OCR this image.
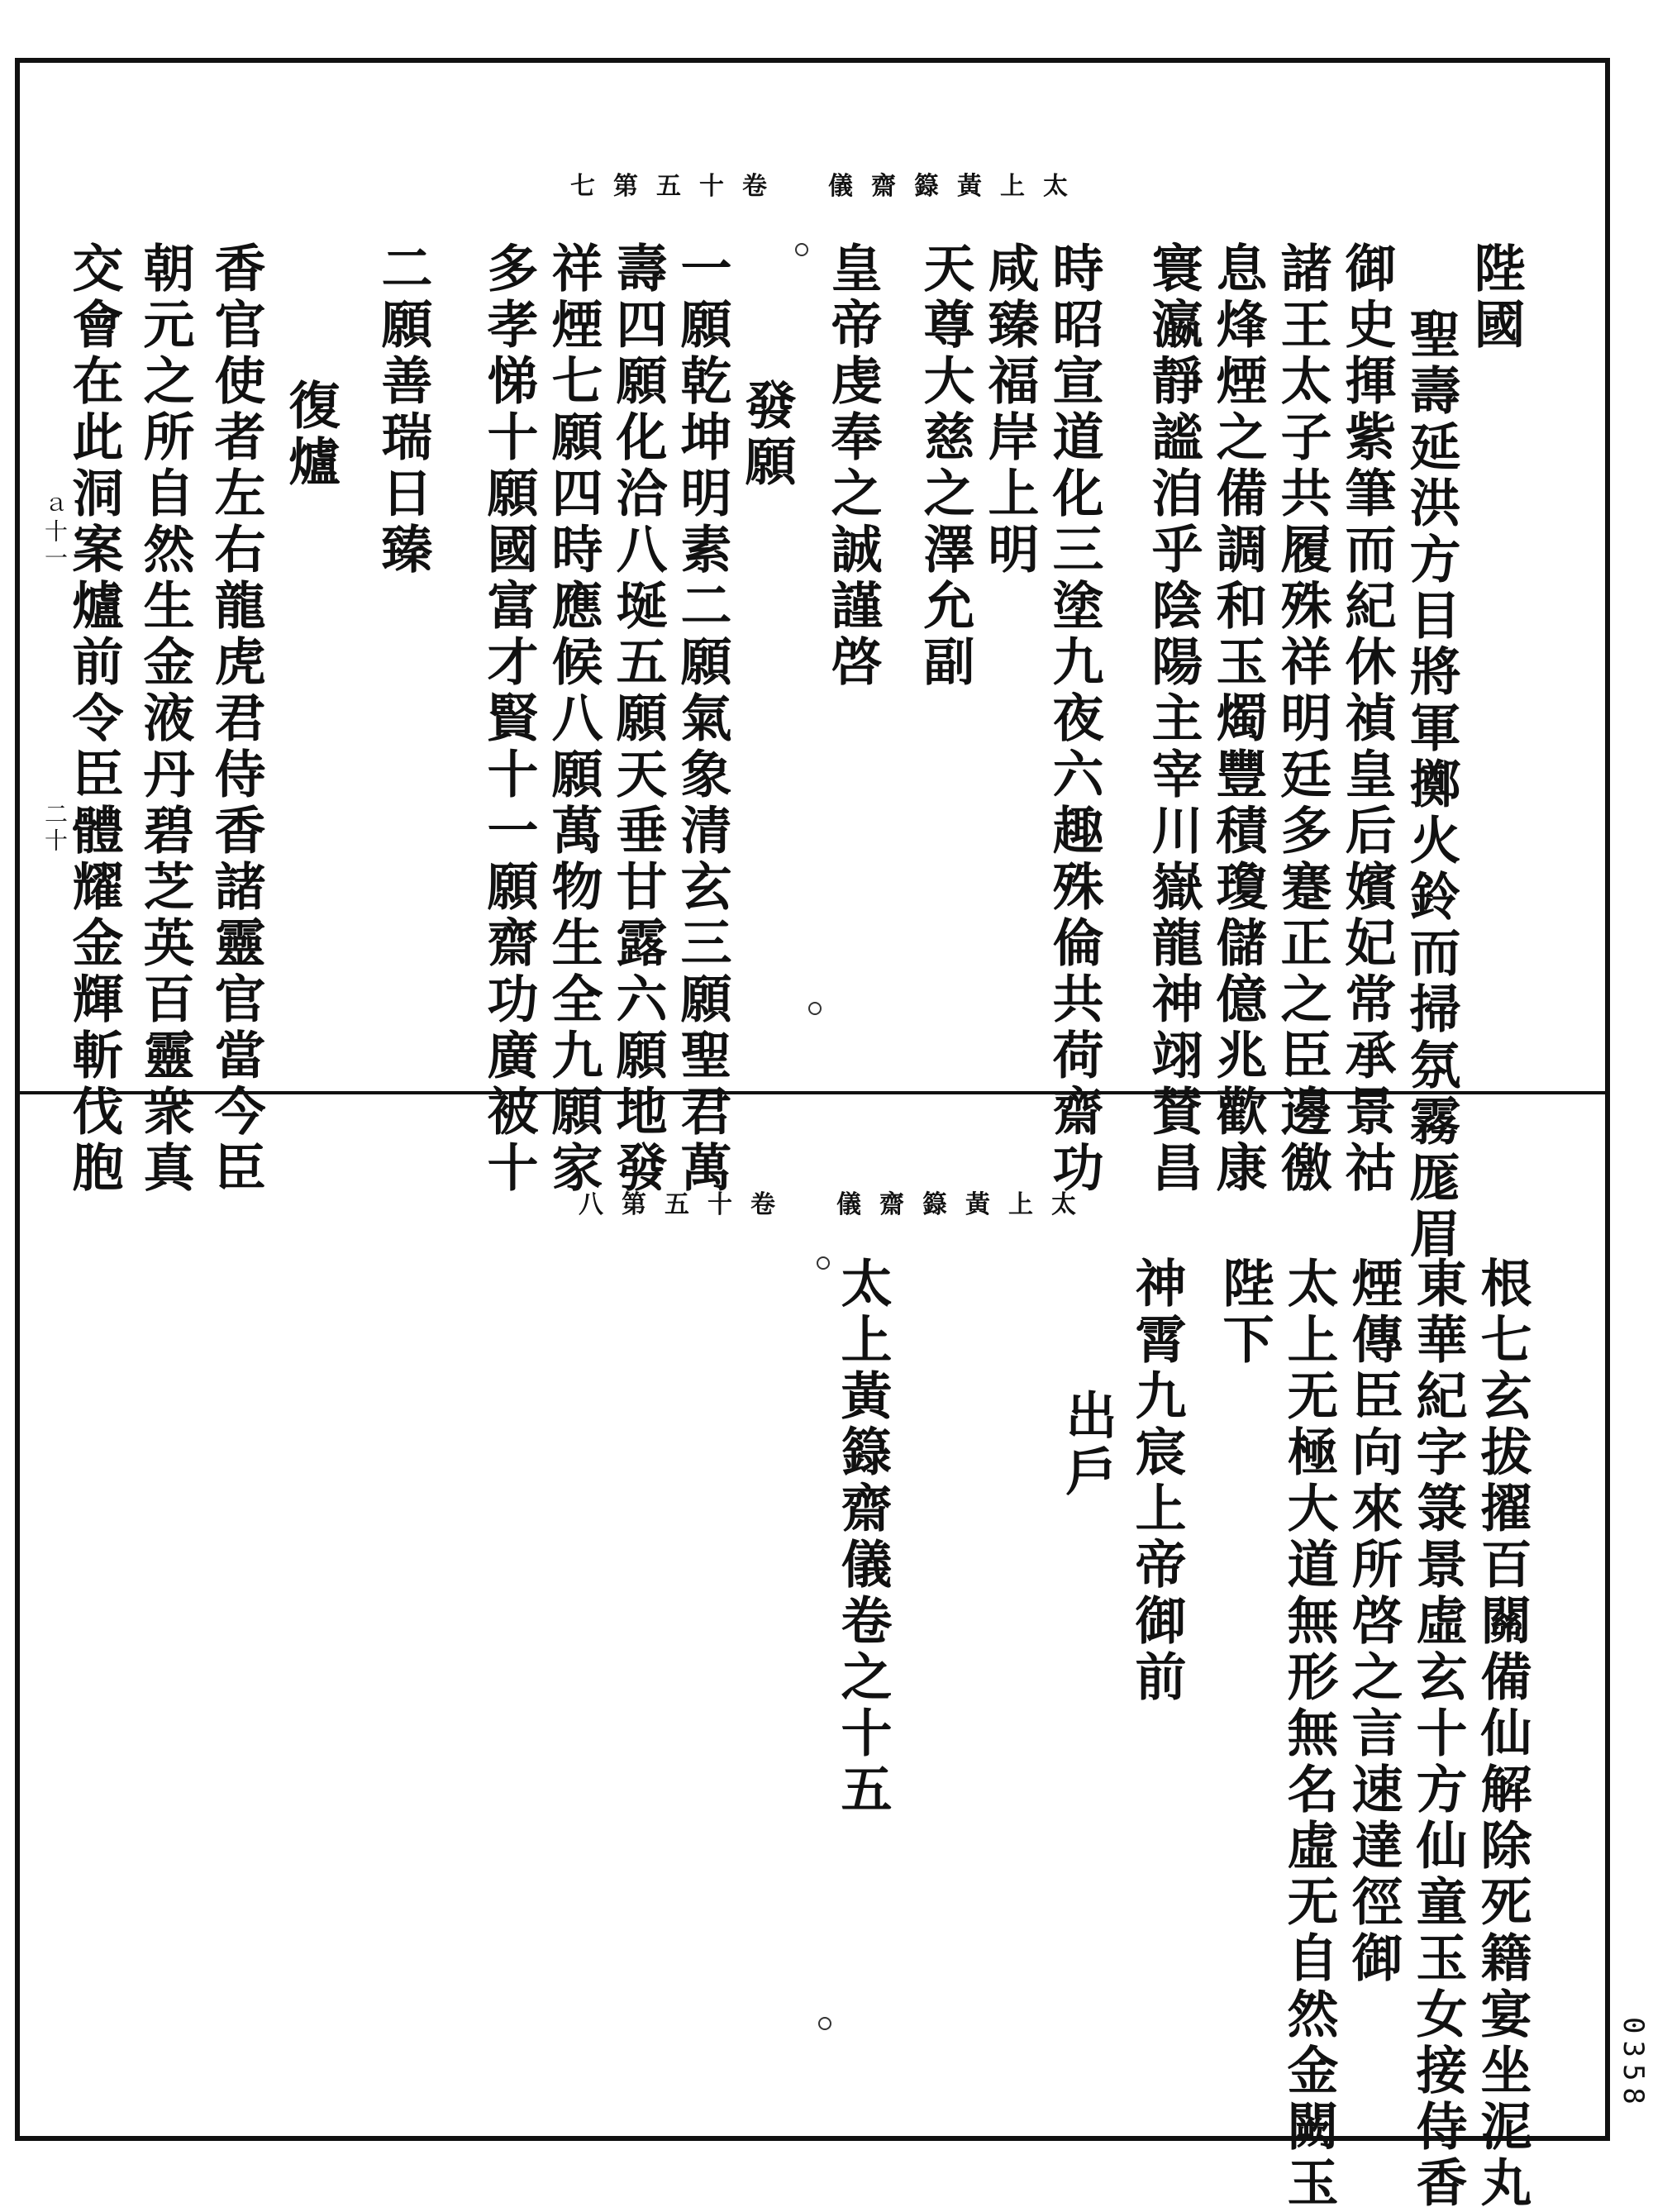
七第五十卷　儀齋籙黃上太
陛國
聖壽延洪方目將軍擲火鈴而掃氛霧厖眉
御史揮紫筆而紀休禎皇后嬪妃常承景祜
諸王太子共履殊祥明廷多蹇正之臣邊徼
息烽煙之備調和玉燭豐積瓊儲億兆歡康
寰瀛靜謐洎乎陰陽主宰川嶽龍神翊賛昌
時昭宣道化三塗九夜六趣殊倫共荷齋功
咸臻福岸上明
天尊大慈之澤允副
皇帝虔奉之誠謹啓
發願
一願乾坤明素二願氣象清玄三願聖君萬
壽四願化洽八埏五願天垂甘露六願地發
祥煙七願四時應候八願萬物生全九願家
多孝悌十願國富才賢十一願齋功廣被十
二願善瑞日臻
復爐
香官使者左右龍虎君侍香諸靈官當今臣
朝元之所自然生金液丹碧芝英百靈衆真
交會在此洞案爐前令臣體耀金輝斬伐胞
ａ十一
二十
八第五十卷　儀齋籙黃上太
根七玄拔擢百關備仙解除死籍宴坐泥丸
東華紀字箓景虛玄十方仙童玉女接侍香
煙傳臣向來所啓之言速達徑御
太上无極大道無形無名虛无自然金闕玉
陛下
出戶 神霄九宸上帝御前
太上黃籙齋儀卷之十五
0358
